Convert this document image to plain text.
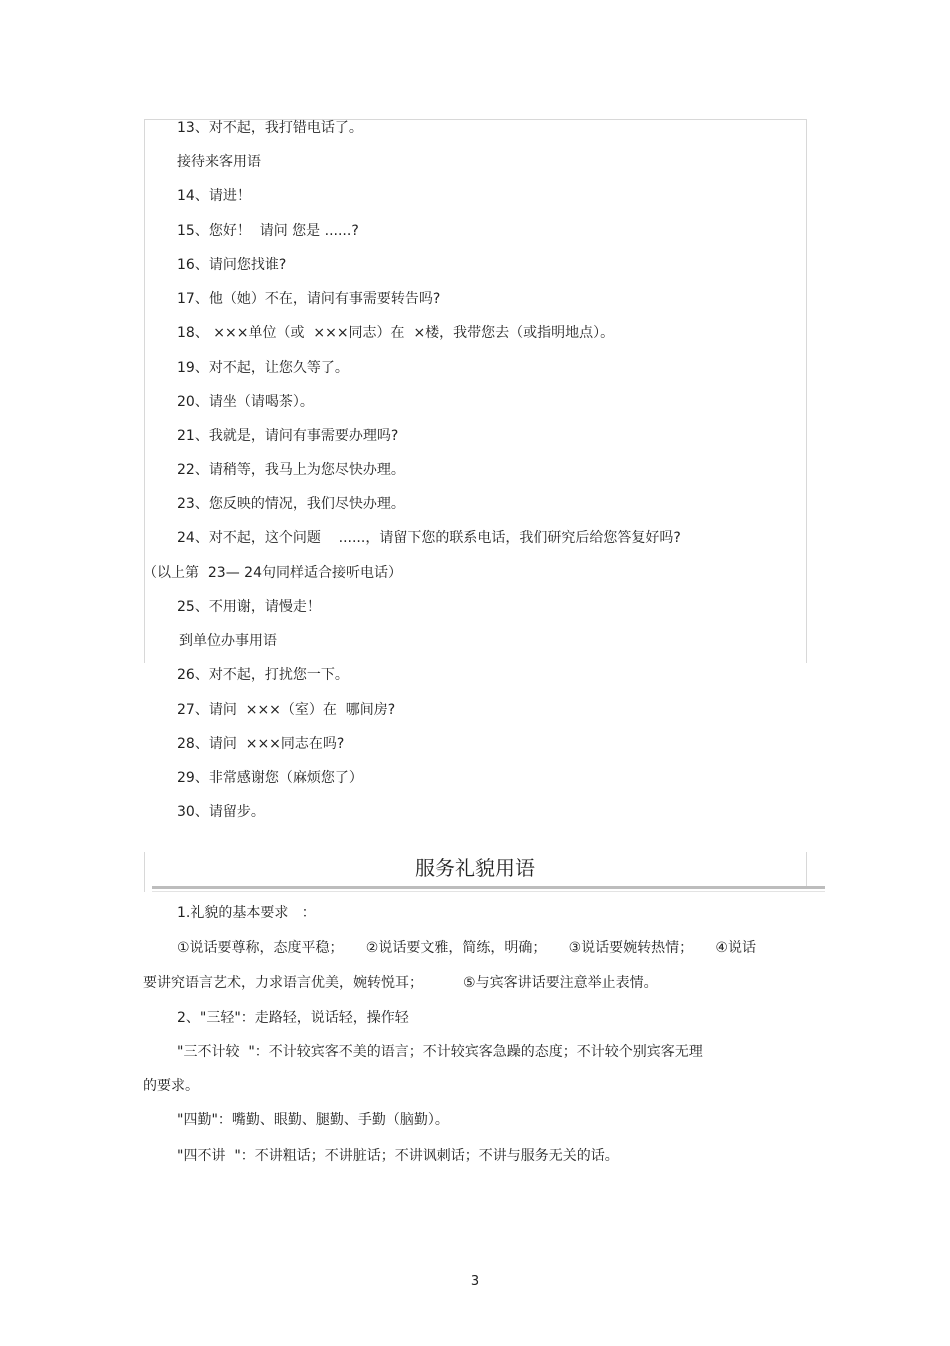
13、对不起，我打错电话了。
接待来客用语
14、请进！
15、您好！  请问 您是 ......?
16、请问您找谁?
17、他（她）不在，请问有事需要转告吗?
18、 ×××单位（或  ×××同志）在  ×楼，我带您去（或指明地点）。
19、对不起，让您久等了。
20、请坐（请喝茶）。
21、我就是，请问有事需要办理吗?
22、请稍等，我马上为您尽快办理。
23、您反映的情况，我们尽快办理。
24、对不起，这个问题    ......，请留下您的联系电话，我们研究后给您答复好吗?
（以上第  23— 24句同样适合接听电话）
25、不用谢，请慢走！
到单位办事用语
26、对不起，打扰您一下。
27、请问  ×××（室）在  哪间房?
28、请问  ×××同志在吗?
29、非常感谢您（麻烦您了）
30、请留步。
服务礼貌用语
1.礼貌的基本要求   ：
①说话要尊称，态度平稳；     ②说话要文雅，简练，明确；     ③说话要婉转热情；     ④说话
要讲究语言艺术，力求语言优美，婉转悦耳；         ⑤与宾客讲话要注意举止表情。
2、"三轻"：走路轻，说话轻，操作轻
"三不计较  "：不计较宾客不美的语言；不计较宾客急躁的态度；不计较个别宾客无理
的要求。
"四勤"：嘴勤、眼勤、腿勤、手勤（脑勤）。
"四不讲  "：不讲粗话；不讲脏话；不讲讽刺话；不讲与服务无关的话。
3
